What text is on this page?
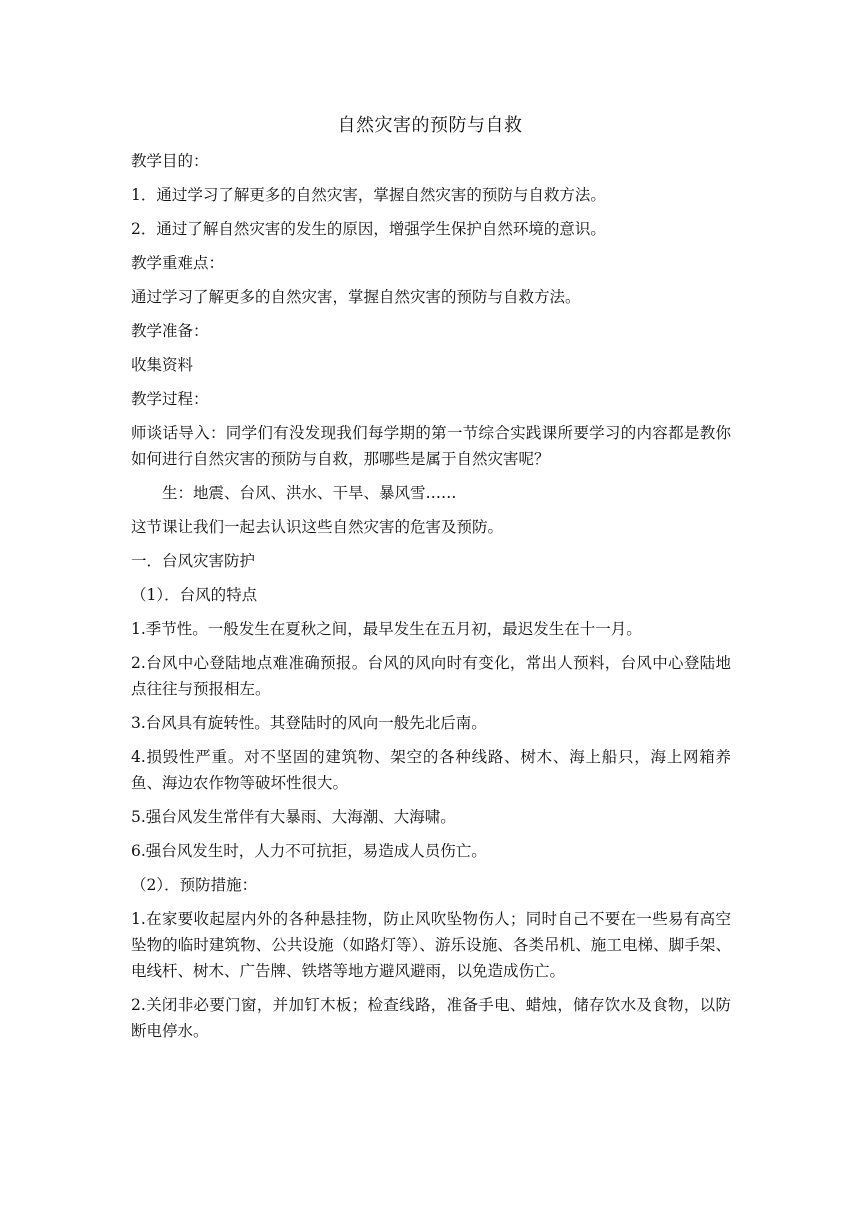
自然灾害的预防与自救

教学目的：

1．通过学习了解更多的自然灾害，掌握自然灾害的预防与自救方法。

2．通过了解自然灾害的发生的原因，增强学生保护自然环境的意识。

教学重难点：

通过学习了解更多的自然灾害，掌握自然灾害的预防与自救方法。

教学准备：

收集资料

教学过程：

师谈话导入：同学们有没发现我们每学期的第一节综合实践课所要学习的内容都是教你如何进行自然灾害的预防与自救，那哪些是属于自然灾害呢？

生：地震、台风、洪水、干旱、暴风雪……

这节课让我们一起去认识这些自然灾害的危害及预防。

一．台风灾害防护

（1）．台风的特点

1.季节性。一般发生在夏秋之间，最早发生在五月初，最迟发生在十一月。

2.台风中心登陆地点难准确预报。台风的风向时有变化，常出人预料，台风中心登陆地点往往与预报相左。

3.台风具有旋转性。其登陆时的风向一般先北后南。

4.损毁性严重。对不坚固的建筑物、架空的各种线路、树木、海上船只，海上网箱养鱼、海边农作物等破坏性很大。

5.强台风发生常伴有大暴雨、大海潮、大海啸。

6.强台风发生时，人力不可抗拒，易造成人员伤亡。

（2）．预防措施：

1.在家要收起屋内外的各种悬挂物，防止风吹坠物伤人；同时自己不要在一些易有高空坠物的临时建筑物、公共设施（如路灯等）、游乐设施、各类吊机、施工电梯、脚手架、电线杆、树木、广告牌、铁塔等地方避风避雨，以免造成伤亡。

2.关闭非必要门窗，并加钉木板；检查线路，准备手电、蜡烛，储存饮水及食物，以防断电停水。
